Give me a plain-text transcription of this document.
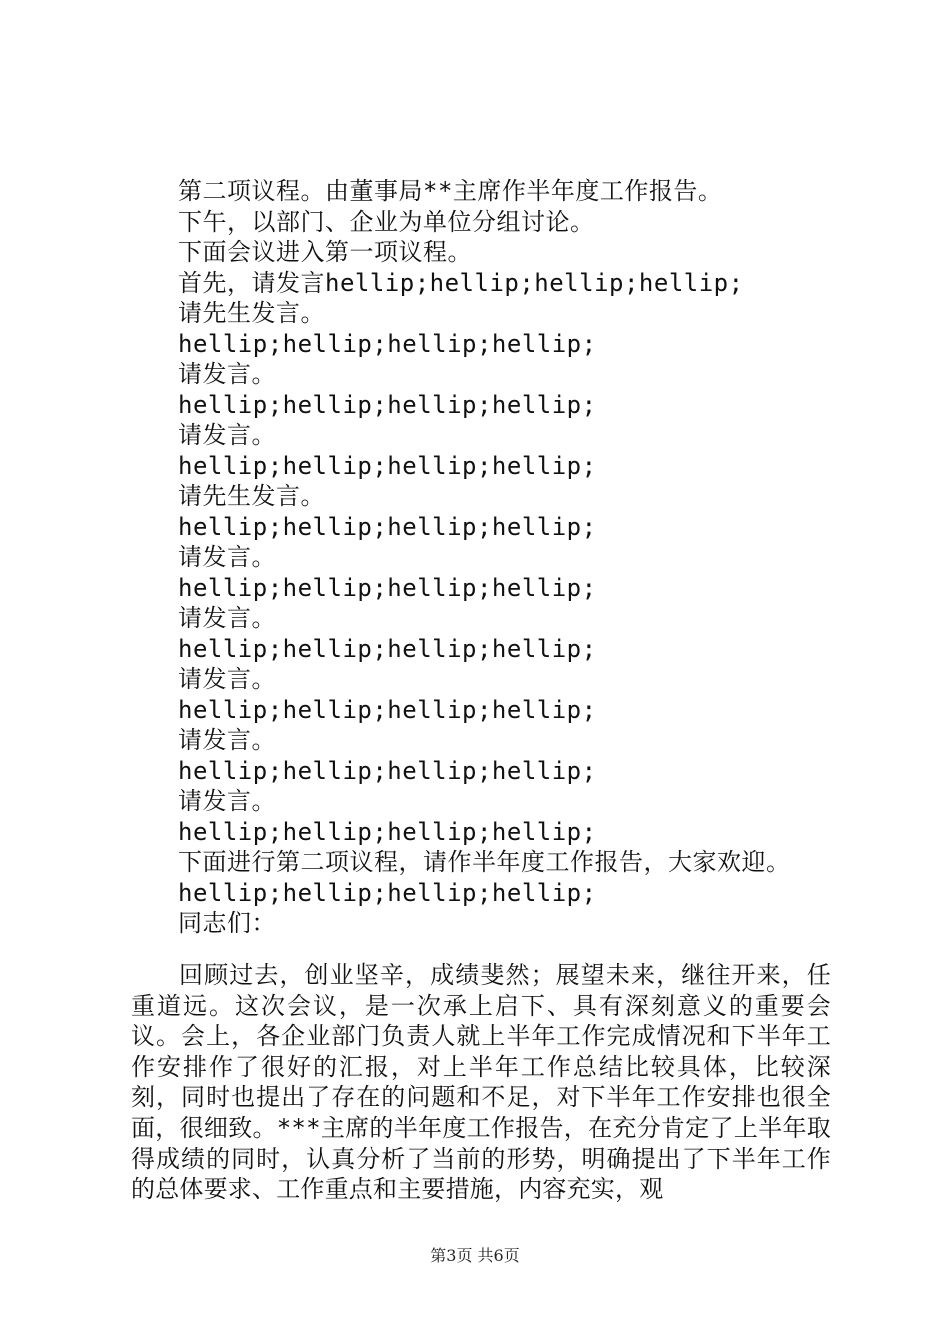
第二项议程。由董事局**主席作半年度工作报告。
下午，以部门、企业为单位分组讨论。
下面会议进入第一项议程。
首先，请发言hellip;hellip;hellip;hellip;
请先生发言。
hellip;hellip;hellip;hellip;
请发言。
hellip;hellip;hellip;hellip;
请发言。
hellip;hellip;hellip;hellip;
请先生发言。
hellip;hellip;hellip;hellip;
请发言。
hellip;hellip;hellip;hellip;
请发言。
hellip;hellip;hellip;hellip;
请发言。
hellip;hellip;hellip;hellip;
请发言。
hellip;hellip;hellip;hellip;
请发言。
hellip;hellip;hellip;hellip;
下面进行第二项议程，请作半年度工作报告，大家欢迎。
hellip;hellip;hellip;hellip;
同志们：

回顾过去，创业坚辛，成绩斐然；展望未来，继往开来，任重道远。这次会议，是一次承上启下、具有深刻意义的重要会议。会上，各企业部门负责人就上半年工作完成情况和下半年工作安排作了很好的汇报，对上半年工作总结比较具体，比较深刻，同时也提出了存在的问题和不足，对下半年工作安排也很全面，很细致。***主席的半年度工作报告，在充分肯定了上半年取得成绩的同时，认真分析了当前的形势，明确提出了下半年工作的总体要求、工作重点和主要措施，内容充实，观

第3页 共6页
